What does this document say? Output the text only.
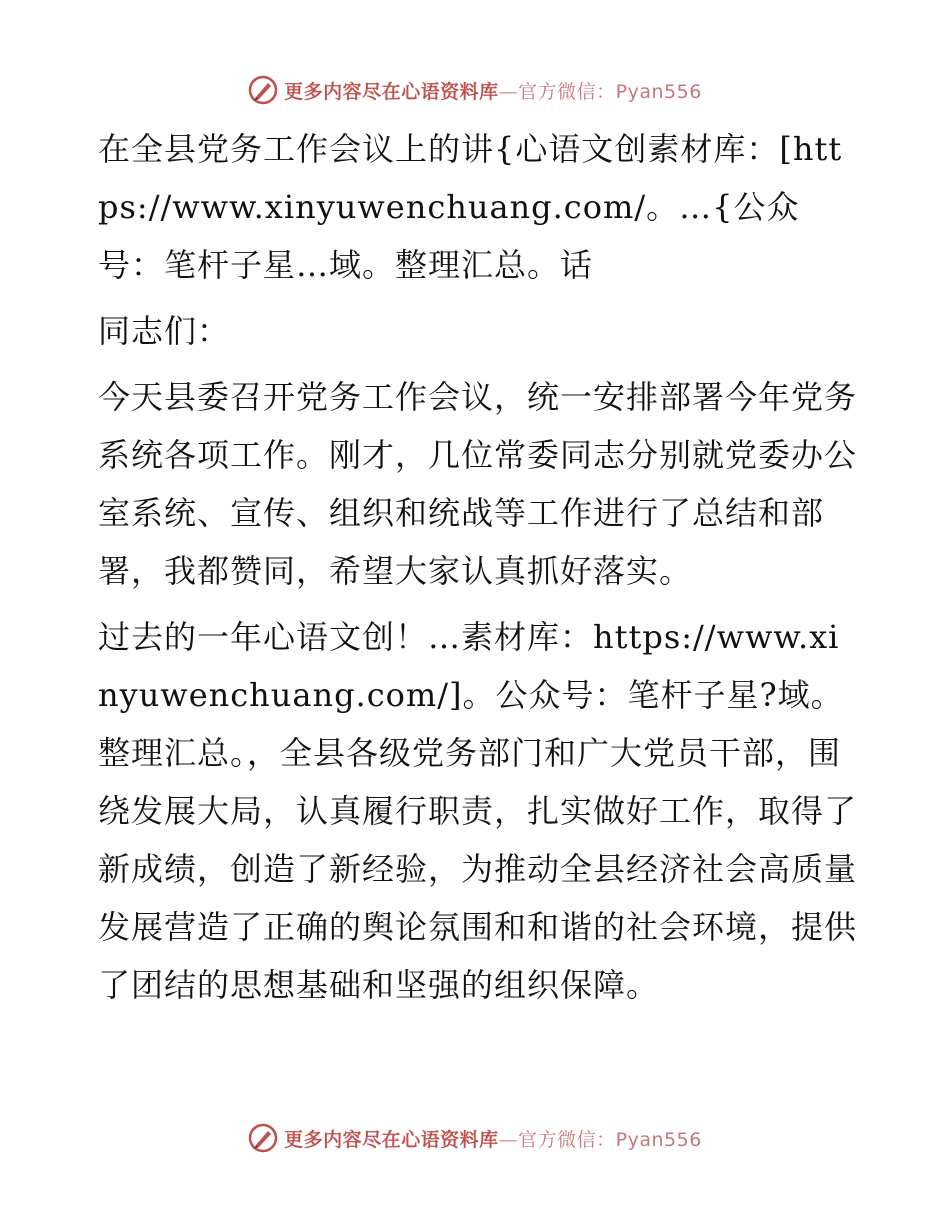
更多内容尽在心语资料库—官方微信：Pyan556

在全县党务工作会议上的讲{心语文创素材库：[https://www.xinyuwenchuang.com/。…{公众号：笔杆子星…域。整理汇总。话

同志们：

今天县委召开党务工作会议，统一安排部署今年党务系统各项工作。刚才，几位常委同志分别就党委办公室系统、宣传、组织和统战等工作进行了总结和部署，我都赞同，希望大家认真抓好落实。

过去的一年心语文创！…素材库：https://www.xinyuwenchuang.com/]。公众号：笔杆子星?域。整理汇总。，全县各级党务部门和广大党员干部，围绕发展大局，认真履行职责，扎实做好工作，取得了新成绩，创造了新经验，为推动全县经济社会高质量发展营造了正确的舆论氛围和和谐的社会环境，提供了团结的思想基础和坚强的组织保障。

更多内容尽在心语资料库—官方微信：Pyan556
